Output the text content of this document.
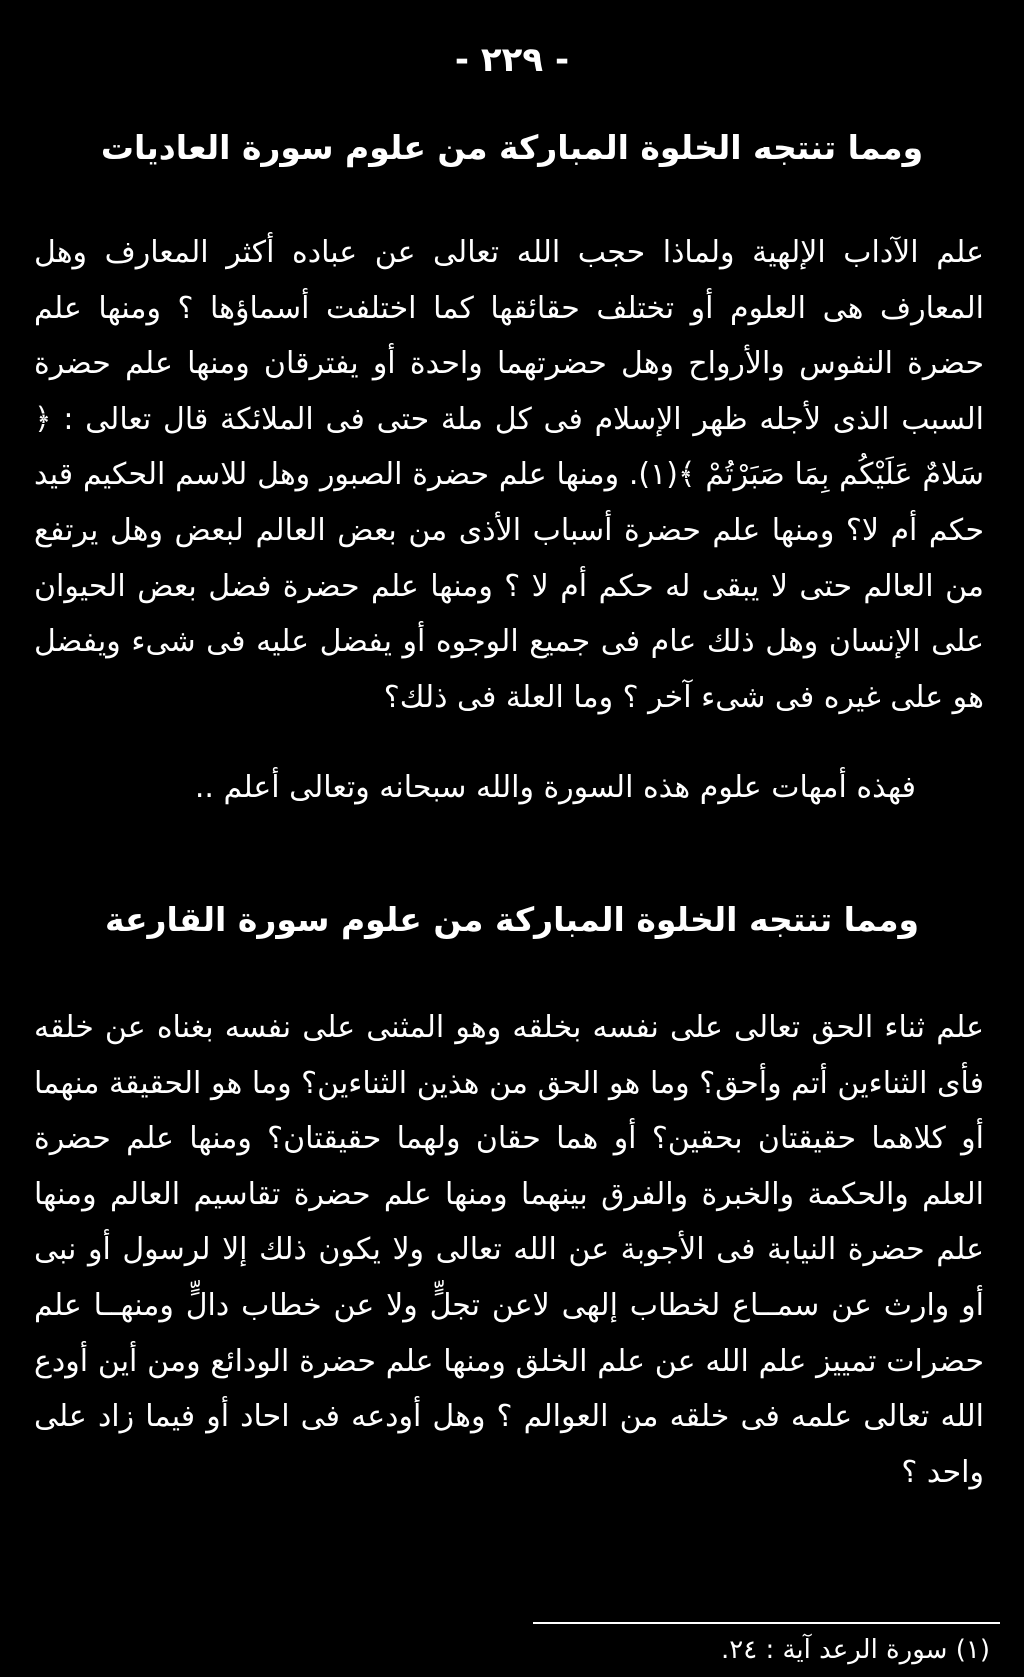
- ٢٢٩ -
ومما تنتجه الخلوة المباركة من علوم سورة العاديات
علم الآداب الإلهية ولماذا حجب الله تعالى عن عباده أكثر المعارف وهل المعارف هى العلوم أو تختلف حقائقها كما اختلفت أسماؤها ؟ ومنها علم حضرة النفوس والأرواح وهل حضرتهما واحدة أو يفترقان ومنها علم حضرة السبب الذى لأجله ظهر الإسلام فى كل ملة حتى فى الملائكة قال تعالى : ﴿ سَلامٌ عَلَيْكُم بِمَا صَبَرْتُمْ ﴾(١). ومنها علم حضرة الصبور وهل للاسم الحكيم قيد حكم أم لا؟ ومنها علم حضرة أسباب الأذى من بعض العالم لبعض وهل يرتفع من العالم حتى لا يبقى له حكم أم لا ؟ ومنها علم حضرة فضل بعض الحيوان على الإنسان وهل ذلك عام فى جميع الوجوه أو يفضل عليه فى شىء ويفضل هو على غيره فى شىء آخر ؟ وما العلة فى ذلك؟
فهذه أمهات علوم هذه السورة والله سبحانه وتعالى أعلم ..
ومما تنتجه الخلوة المباركة من علوم سورة القارعة
علم ثناء الحق تعالى على نفسه بخلقه وهو المثنى على نفسه بغناه عن خلقه فأى الثناءين أتم وأحق؟ وما هو الحق من هذين الثناءين؟ وما هو الحقيقة منهما أو كلاهما حقيقتان بحقين؟ أو هما حقان ولهما حقيقتان؟ ومنها علم حضرة العلم والحكمة والخبرة والفرق بينهما ومنها علم حضرة تقاسيم العالم ومنها علم حضرة النيابة فى الأجوبة عن الله تعالى ولا يكون ذلك إلا لرسول أو نبى أو وارث عن سمــاع لخطاب إلهى لاعن تجلٍّ ولا عن خطاب دالٍّ ومنهــا علم حضرات تمييز علم الله عن علم الخلق ومنها علم حضرة الودائع ومن أين أودع الله تعالى علمه فى خلقه من العوالم ؟ وهل أودعه فى احاد أو فيما زاد على واحد ؟
(١) سورة الرعد آية : ٢٤.
